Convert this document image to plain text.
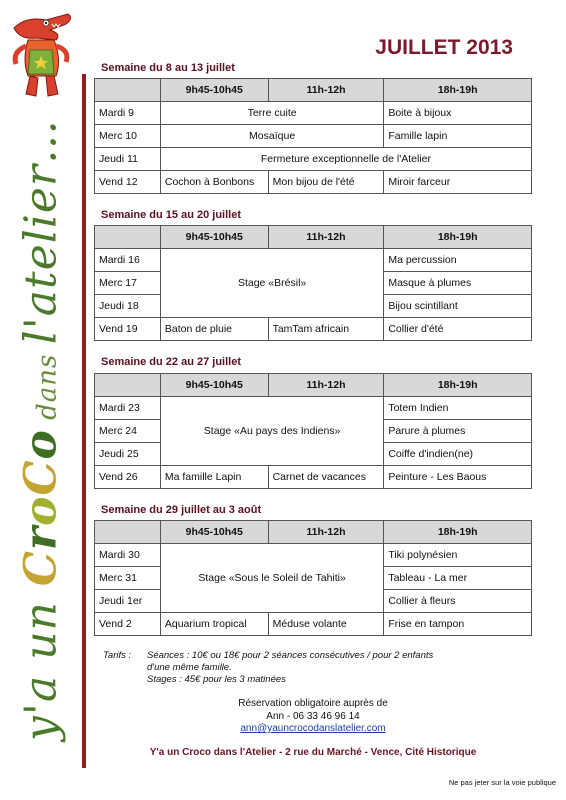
y'a un CroCo dans l'atelier…
JUILLET 2013
Semaine du 8 au 13 juillet
	9h45-10h45	11h-12h	18h-19h
Mardi 9	Terre cuite		Boite à bijoux
Merc 10	Mosaïque		Famille lapin
Jeudi 11	Fermeture exceptionnelle de l'Atelier		
Vend 12	Cochon à Bonbons	Mon bijou de l'été	Miroir farceur
Semaine du 15 au 20 juillet
	9h45-10h45	11h-12h	18h-19h
Mardi 16	Stage «Brésil»		Ma percussion
Merc 17			Masque à plumes
Jeudi 18			Bijou scintillant
Vend 19	Baton de pluie	TamTam africain	Collier d'été
Semaine du 22 au 27 juillet
	9h45-10h45	11h-12h	18h-19h
Mardi 23	Stage «Au pays des Indiens»		Totem Indien
Merc 24			Parure à plumes
Jeudi 25			Coiffe d'indien(ne)
Vend 26	Ma famille Lapin	Carnet de vacances	Peinture - Les Baous
Semaine du 29 juillet au 3 août
	9h45-10h45	11h-12h	18h-19h
Mardi 30	Stage «Sous le Soleil de Tahiti»		Tiki polynésien
Merc 31			Tableau - La mer
Jeudi 1er			Collier à fleurs
Vend 2	Aquarium tropical	Méduse volante	Frise en tampon
Tarifs : Séances : 10€ ou 18€ pour 2 séances consécutives / pour 2 enfants
d'une même famille.
Stages : 45€ pour les 3 matinées
Réservation obligatoire auprès de
Ann - 06 33 46 96 14
ann@yauncrocodanslatelier.com
Y'a un Croco dans l'Atelier - 2 rue du Marché - Vence, Cité Historique
Ne pas jeter sur la voie publique
